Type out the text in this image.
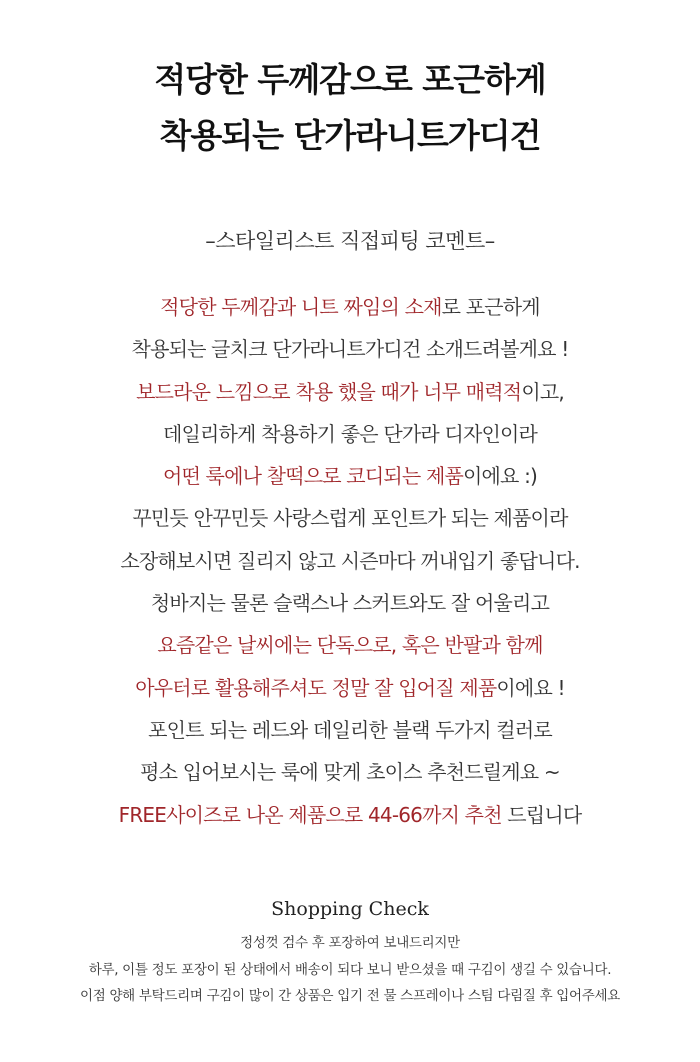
적당한 두께감으로 포근하게
착용되는 단가라니트가디건
–스타일리스트 직접피팅 코멘트–
적당한 두께감과 니트 짜임의 소재로 포근하게
착용되는 글치크 단가라니트가디건 소개드려볼게요 !
보드라운 느낌으로 착용 했을 때가 너무 매력적이고,
데일리하게 착용하기 좋은 단가라 디자인이라
어떤 룩에나 찰떡으로 코디되는 제품이에요 :)
꾸민듯 안꾸민듯 사랑스럽게 포인트가 되는 제품이라
소장해보시면 질리지 않고 시즌마다 꺼내입기 좋답니다.
청바지는 물론 슬랙스나 스커트와도 잘 어울리고
요즘같은 날씨에는 단독으로, 혹은 반팔과 함께
아우터로 활용해주셔도 정말 잘 입어질 제품이에요 !
포인트 되는 레드와 데일리한 블랙 두가지 컬러로
평소 입어보시는 룩에 맞게 초이스 추천드릴게요 ~
FREE사이즈로 나온 제품으로 44-66까지 추천 드립니다
Shopping Check
정성껏 검수 후 포장하여 보내드리지만
하루, 이틀 정도 포장이 된 상태에서 배송이 되다 보니 받으셨을 때 구김이 생길 수 있습니다.
이점 양해 부탁드리며 구김이 많이 간 상품은 입기 전 물 스프레이나 스팀 다림질 후 입어주세요
